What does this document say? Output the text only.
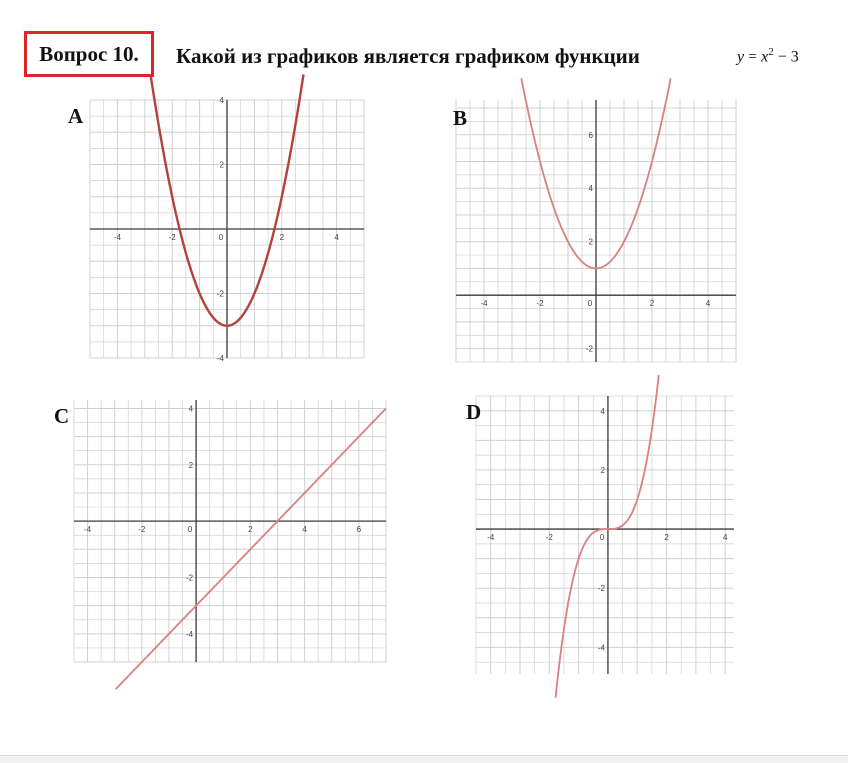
Вопрос 10.	Какой из графиков является графиком функции	$y = x^2 - 3$
-4	-2	0	2	4
-4
-2
2
4
-4	-2	0	2	4
-2
2
4
6
-4	-2	0	2	4	6
-4
-2
2
4
-4	-2	0	2	4
-4
-2
2
4
A	B
C	D
